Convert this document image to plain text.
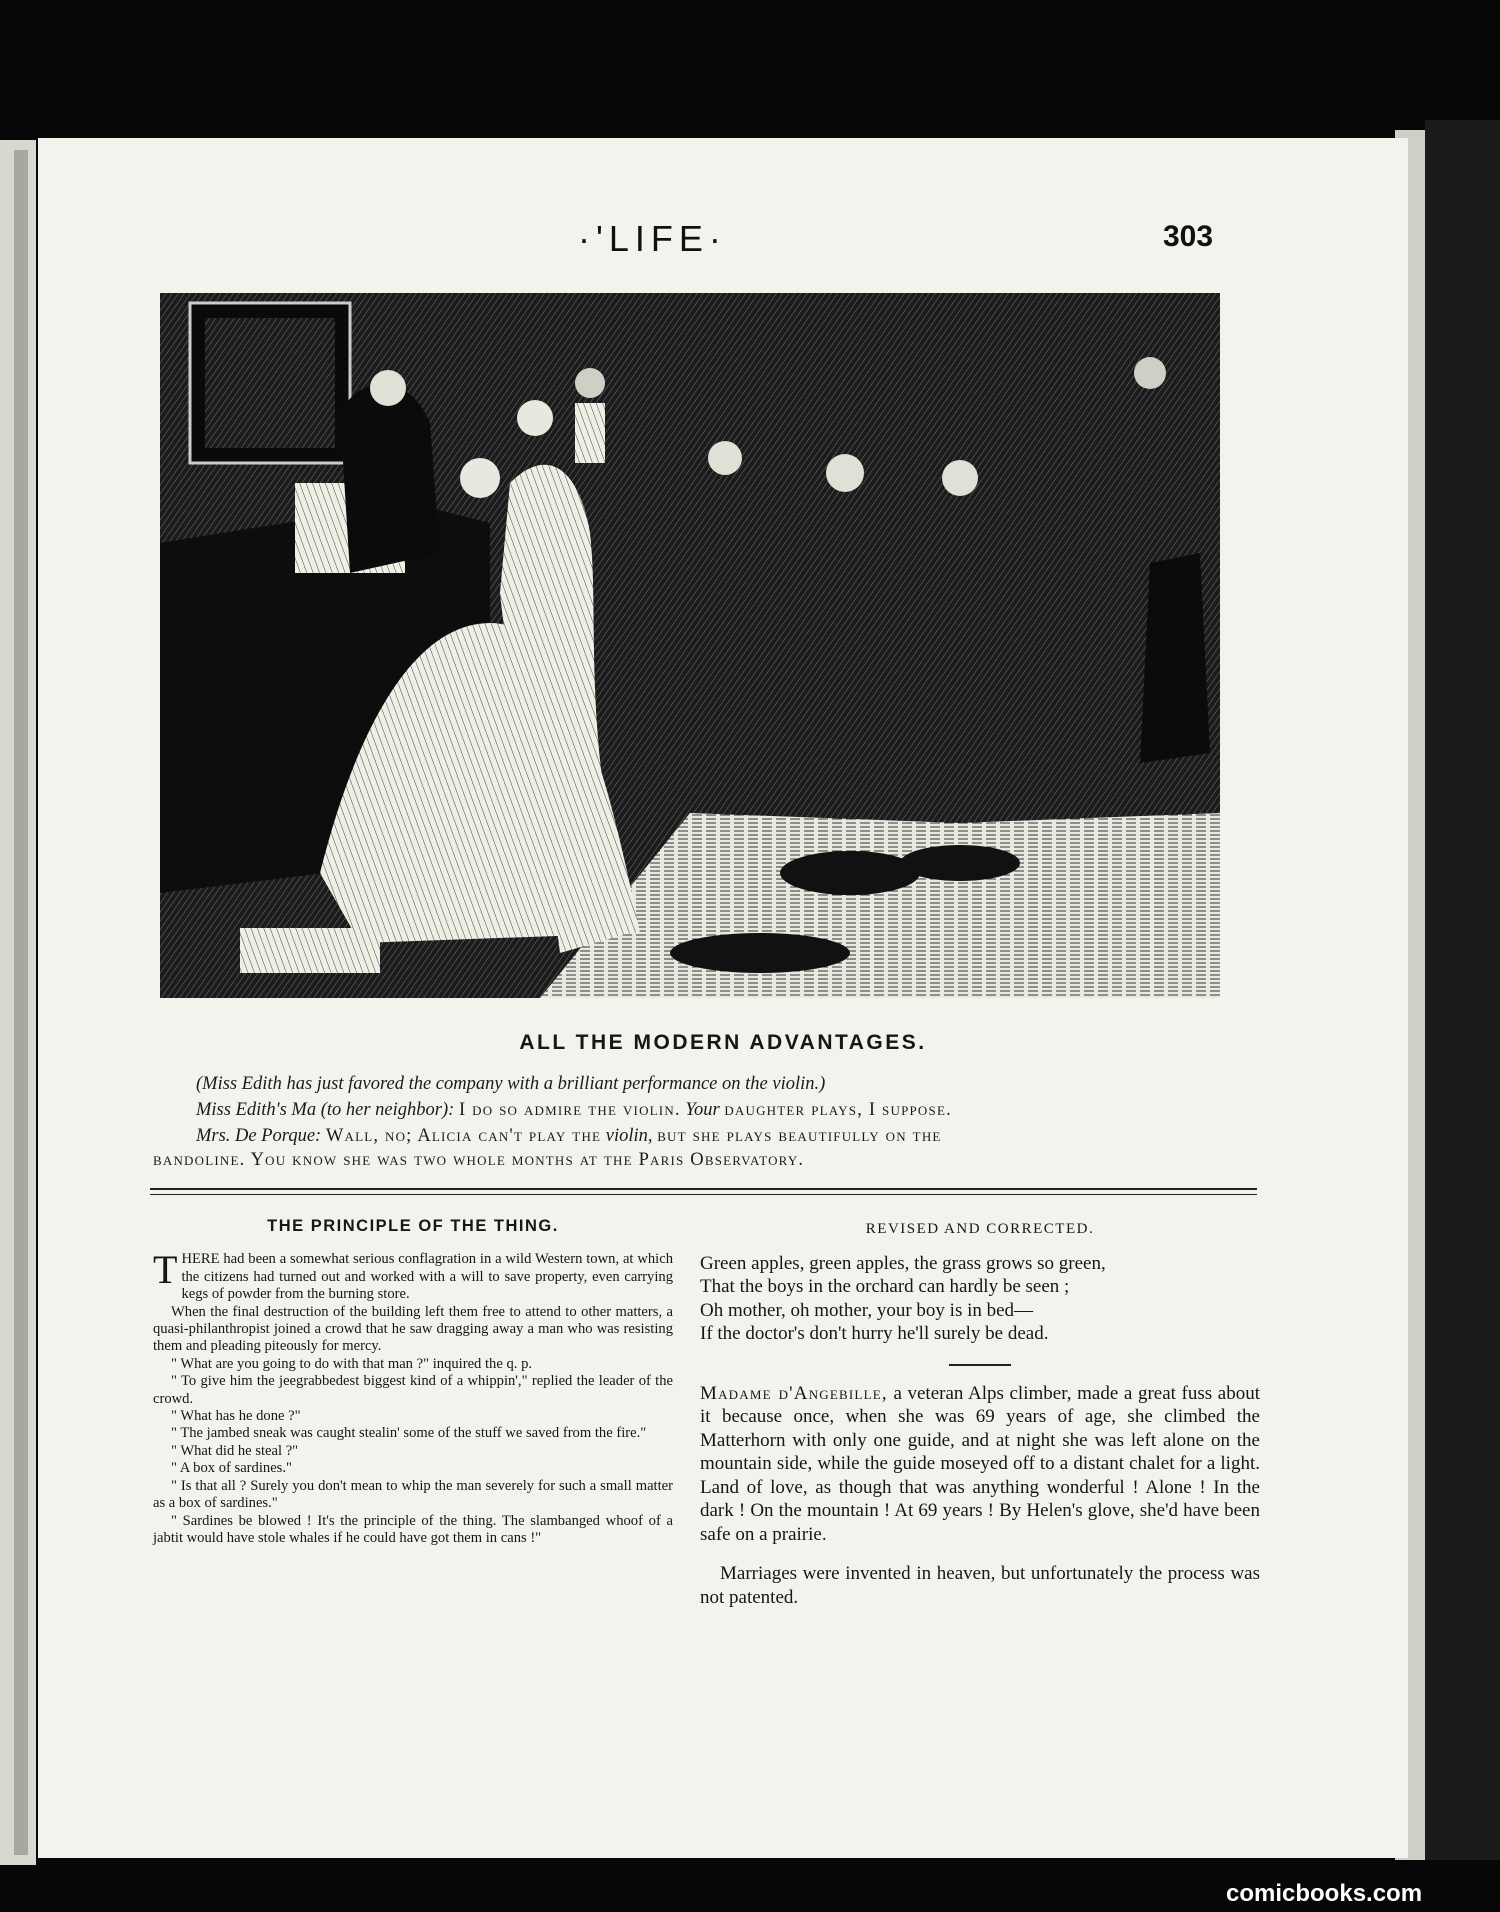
·'LIFE·	303
ALL THE MODERN ADVANTAGES.
(Miss Edith has just favored the company with a brilliant performance on the violin.)
Miss Edith's Ma (to her neighbor): I do so admire the violin. Your daughter plays, I suppose.
Mrs. De Porque: Wall, no; Alicia can't play the violin, but she plays beautifully on the
bandoline. You know she was two whole months at the Paris Observatory.
THE PRINCIPLE OF THE THING.

THERE had been a somewhat serious conflagration in a wild Western town, at which the citizens had turned out and worked with a will to save property, even carrying kegs of powder from the burning store.

When the final destruction of the building left them free to attend to other matters, a quasi-philanthropist joined a crowd that he saw dragging away a man who was resisting them and pleading piteously for mercy.

" What are you going to do with that man ?" inquired the q. p.

" To give him the jeegrabbedest biggest kind of a whippin'," replied the leader of the crowd.

" What has he done ?"

" The jambed sneak was caught stealin' some of the stuff we saved from the fire."

" What did he steal ?"

" A box of sardines."

" Is that all ? Surely you don't mean to whip the man severely for such a small matter as a box of sardines."

" Sardines be blowed ! It's the principle of the thing. The slambanged whoof of a jabtit would have stole whales if he could have got them in cans !"

REVISED AND CORRECTED.

Green apples, green apples, the grass grows so green,

That the boys in the orchard can hardly be seen ;

Oh mother, oh mother, your boy is in bed—

If the doctor's don't hurry he'll surely be dead.

Madame d'Angebille, a veteran Alps climber, made a great fuss about it because once, when she was 69 years of age, she climbed the Matterhorn with only one guide, and at night she was left alone on the mountain side, while the guide moseyed off to a distant chalet for a light. Land of love, as though that was anything wonderful ! Alone ! In the dark ! On the mountain ! At 69 years ! By Helen's glove, she'd have been safe on a prairie.

Marriages were invented in heaven, but unfortunately the process was not patented.

comicbooks.com
